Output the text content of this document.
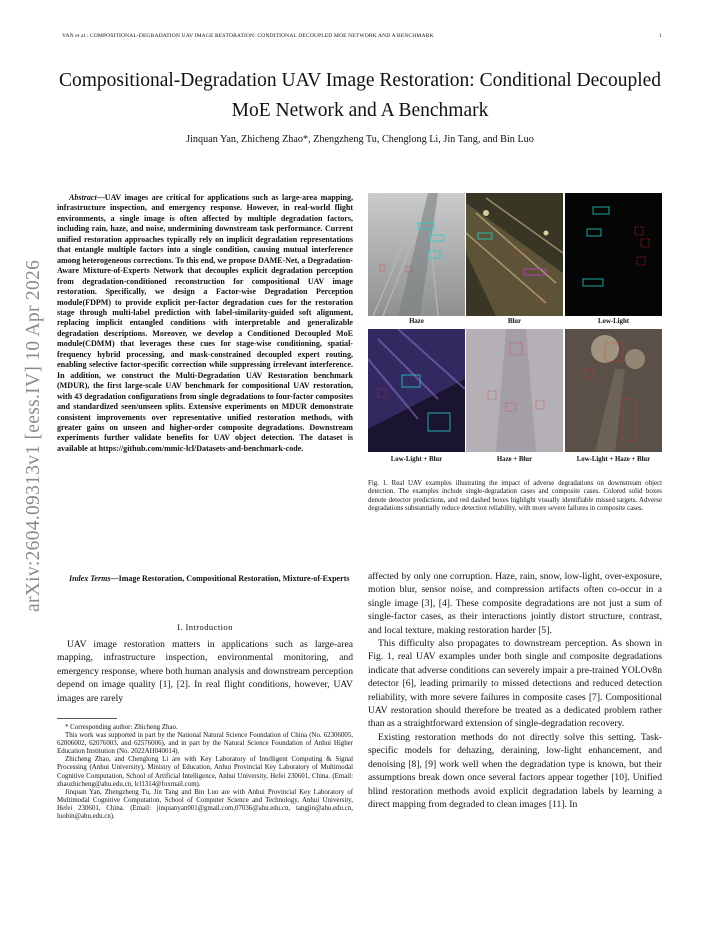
YAN et al.: COMPOSITIONAL-DEGRADATION UAV IMAGE RESTORATION: CONDITIONAL DECOUPLED MOE NETWORK AND A BENCHMARK	1
arXiv:2604.09313v1 [eess.IV] 10 Apr 2026
Compositional-Degradation UAV Image Restoration: Conditional Decoupled MoE Network and A Benchmark
Jinquan Yan, Zhicheng Zhao*, Zhengzheng Tu, Chenglong Li, Jin Tang, and Bin Luo

Abstract—UAV images are critical for applications such as large-area mapping, infrastructure inspection, and emergency response. However, in real-world flight environments, a single image is often affected by multiple degradation factors, including rain, haze, and noise, undermining downstream task performance. Current unified restoration approaches typically rely on implicit degradation representations that entangle multiple factors into a single condition, causing mutual interference among heterogeneous corrections. To this end, we propose DAME-Net, a Degradation-Aware Mixture-of-Experts Network that decouples explicit degradation perception from degradation-conditioned reconstruction for compositional UAV image restoration. Specifically, we design a Factor-wise Degradation Perception module(FDPM) to provide explicit per-factor degradation cues for the restoration stage through multi-label prediction with label-similarity-guided soft alignment, replacing implicit entangled conditions with interpretable and generalizable degradation descriptions. Moreover, we develop a Conditioned Decoupled MoE module(CDMM) that leverages these cues for stage-wise conditioning, spatial-frequency hybrid processing, and mask-constrained decoupled expert routing, enabling selective factor-specific correction while suppressing irrelevant interference. In addition, we construct the Multi-Degradation UAV Restoration benchmark (MDUR), the first large-scale UAV benchmark for compositional UAV restoration, with 43 degradation configurations from single degradations to four-factor composites and standardized seen/unseen splits. Extensive experiments on MDUR demonstrate consistent improvements over representative unified restoration methods, with greater gains on unseen and higher-order composite degradations. Downstream experiments further validate benefits for UAV object detection. The dataset is available at https://github.com/mmic-lcl/Datasets-and-benchmark-code.

Index Terms—Image Restoration, Compositional Restoration, Mixture-of-Experts

I. Introduction

UAV image restoration matters in applications such as large-area mapping, infrastructure inspection, environmental monitoring, and emergency response, where both human analysis and downstream perception depend on image quality [1], [2]. In real flight conditions, however, UAV images are rarely

* Corresponding author: Zhicheng Zhao.

This work was supported in part by the National Natural Science Foundation of China (No. 62306005, 62006002, 62076003, and 62576006), and in part by the Natural Science Foundation of Anhui Higher Education Institution (No. 2022AH040014).

Zhicheng Zhao, and Chenglong Li are with Key Laboratory of Intelligent Computing & Signal Processing (Anhui University), Ministry of Education, Anhui Provincial Key Laboratory of Multimodal Cognitive Computation, School of Artificial Intelligence, Anhui University, Hefei 230601, China. (Email: zhaozhicheng@ahu.edu.cn, lcl1314@foxmail.com).

Jinquan Yan, Zhengzheng Tu, Jin Tang and Bin Luo are with Anhui Provincial Key Laboratory of Multimodal Cognitive Computation, School of Computer Science and Technology, Anhui University, Hefei 230601, China. (Email: jinquanyan001@gmail.com,07036@ahu.edu.cn, tangjin@ahu.edu.cn, luobin@ahu.edu.cn).

Haze	Blur	Low-Light
Low-Light + Blur	Haze + Blur	Low-Light + Haze + Blur

Fig. 1. Real UAV examples illustrating the impact of adverse degradations on downstream object detection. The examples include single-degradation cases and composite cases. Colored solid boxes denote detector predictions, and red dashed boxes highlight visually identifiable missed targets. Adverse degradations substantially reduce detection reliability, with more severe failures in composite cases.

affected by only one corruption. Haze, rain, snow, low-light, over-exposure, motion blur, sensor noise, and compression artifacts often co-occur in a single image [3], [4]. These composite degradations are not just a sum of single-factor cases, as their interactions jointly distort structure, contrast, and local texture, making restoration harder [5].

This difficulty also propagates to downstream perception. As shown in Fig. 1, real UAV examples under both single and composite degradations indicate that adverse conditions can severely impair a pre-trained YOLOv8n detector [6], leading primarily to missed detections and reduced detection reliability, with more severe failures in composite cases [7]. Compositional UAV restoration should therefore be treated as a dedicated problem rather than as a straightforward extension of single-degradation recovery.

Existing restoration methods do not directly solve this setting. Task-specific models for dehazing, deraining, low-light enhancement, and denoising [8], [9] work well when the degradation type is known, but their assumptions break down once several factors appear together [10]. Unified blind restoration methods avoid explicit degradation labels by learning a direct mapping from degraded to clean images [11]. In
